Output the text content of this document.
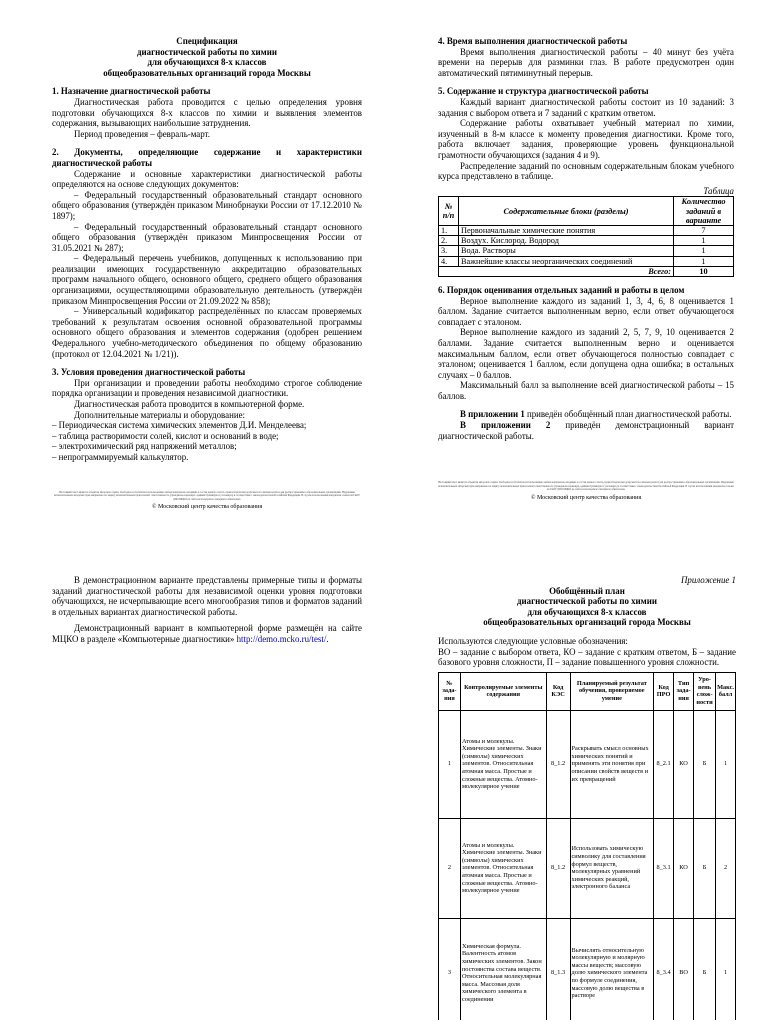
Спецификация
диагностической работы по химии
для обучающихся 8-х классов
общеобразовательных организаций города Москвы
1. Назначение диагностической работы

Диагностическая работа проводится с целью определения уровня подготовки обучающихся 8-х классов по химии и выявления элементов содержания, вызывающих наибольшие затруднения.

Период проведения – февраль-март.

2. Документы, определяющие содержание и характеристики диагностической работы

Содержание и основные характеристики диагностической работы определяются на основе следующих документов:

– Федеральный государственный образовательный стандарт основного общего образования (утверждён приказом Минобрнауки России от 17.12.2010 № 1897);

– Федеральный государственный образовательный стандарт основного общего образования (утверждён приказом Минпросвещения России от 31.05.2021 № 287);

– Федеральный перечень учебников, допущенных к использованию при реализации имеющих государственную аккредитацию образовательных программ начального общего, основного общего, среднего общего образования организациями, осуществляющими образовательную деятельность (утверждён приказом Минпросвещения России от 21.09.2022 № 858);

– Универсальный кодификатор распределённых по классам проверяемых требований к результатам освоения основной образовательной программы основного общего образования и элементов содержания (одобрен решением Федерального учебно-методического объединения по общему образованию (протокол от 12.04.2021 № 1/21)).

3. Условия проведения диагностической работы

При организации и проведении работы необходимо строгое соблюдение порядка организации и проведения независимой диагностики.

Диагностическая работа проводится в компьютерной форме.

Дополнительные материалы и оборудование:

– Периодическая система химических элементов Д.И. Менделеева;

– таблица растворимости солей, кислот и оснований в воде;

– электрохимический ряд напряжений металлов;

– непрограммируемый калькулятор.

Настоящий текст является объектом авторского права. Свободное и бесплатное использование любых материалов, входящих в состав данного текста, правообладателем допускается в личных целях и для распространения в образовательных организациях. Нарушение исключительных авторских прав направлено на защиту исключительных прав и влечёт ответственность (гражданско-правовую, административную и уголовную) в соответствии с законодательством Российской Федерации. В случае использования материалов ссылка на ГАОУ ДПО МЦКО на сайт и используемого материала обязательна.

© Московский центр качества образования

4. Время выполнения диагностической работы

Время выполнения диагностической работы – 40 минут без учёта времени на перерыв для разминки глаз. В работе предусмотрен один автоматический пятиминутный перерыв.

5. Содержание и структура диагностической работы

Каждый вариант диагностической работы состоит из 10 заданий: 3 задания с выбором ответа и 7 заданий с кратким ответом.

Содержание работы охватывает учебный материал по химии, изученный в 8-м классе к моменту проведения диагностики. Кроме того, работа включает задания, проверяющие уровень функциональной грамотности обучающихся (задания 4 и 9).

Распределение заданий по основным содержательным блокам учебного курса представлено в таблице.

Таблица

№ п/п	Содержательные блоки (разделы)	Количество заданий в варианте
1.	Первоначальные химические понятия	7
2.	Воздух. Кислород. Водород	1
3.	Вода. Растворы	1
4.	Важнейшие классы неорганических соединений	1
Всего:		10
6. Порядок оценивания отдельных заданий и работы в целом

Верное выполнение каждого из заданий 1, 3, 4, 6, 8 оценивается 1 баллом. Задание считается выполненным верно, если ответ обучающегося совпадает с эталоном.

Верное выполнение каждого из заданий 2, 5, 7, 9, 10 оценивается 2 баллами. Задание считается выполненным верно и оценивается максимальным баллом, если ответ обучающегося полностью совпадает с эталоном; оценивается 1 баллом, если допущена одна ошибка; в остальных случаях – 0 баллов.

Максимальный балл за выполнение всей диагностической работы – 15 баллов.

В приложении 1 приведён обобщённый план диагностической работы.

В приложении 2 приведён демонстрационный вариант диагностической работы.

Настоящий текст является объектом авторского права. Свободное и бесплатное использование любых материалов, входящих в состав данного текста, правообладателем допускается в личных целях и для распространения в образовательных организациях. Нарушение исключительных авторских прав направлено на защиту исключительных прав и влечёт ответственность (гражданско-правовую, административную и уголовную) в соответствии с законодательством Российской Федерации. В случае использования материалов ссылка на ГАОУ ДПО МЦКО на сайт и используемого материала обязательна.

© Московский центр качества образования

В демонстрационном варианте представлены примерные типы и форматы заданий диагностической работы для независимой оценки уровня подготовки обучающихся, не исчерпывающие всего многообразия типов и форматов заданий в отдельных вариантах диагностической работы.

Демонстрационный вариант в компьютерной форме размещён на сайте МЦКО в разделе «Компьютерные диагностики» http://demo.mcko.ru/test/.

Приложение 1

Обобщённый план
диагностической работы по химии
для обучающихся 8-х классов
общеобразовательных организаций города Москвы

Используются следующие условные обозначения:

ВО – задание с выбором ответа, КО – задание с кратким ответом, Б – задание базового уровня сложности, П – задание повышенного уровня сложности.

№ зада-ния	Контролируемые элементы содержания	Код КЭС	Планируемый результат обучения, проверяемое умение	Код ПРО	Тип зада-ния	Уро-вень слож-ности	Макс. балл
1	Атомы и молекулы. Химические элементы. Знаки (символы) химических элементов. Относительная атомная масса. Простые и сложные вещества. Атомно-молекулярное учение	8_1.2	Раскрывать смысл основных химических понятий и применять эти понятия при описании свойств веществ и их превращений	8_2.1	КО	Б	1
2	Атомы и молекулы. Химические элементы. Знаки (символы) химических элементов. Относительная атомная масса. Простые и сложные вещества. Атомно-молекулярное учение	8_1.2	Использовать химическую символику для составления формул веществ, молекулярных уравнений химических реакций, электронного баланса	8_3.1	КО	Б	2
3	Химическая формула. Валентность атомов химических элементов. Закон постоянства состава веществ. Относительная молекулярная масса. Массовая доля химического элемента в соединении	8_1.3	Вычислять относительную молекулярную и молярную массы веществ; массовую долю химического элемента по формуле соединения, массовую долю вещества в растворе	8_3.4	ВО	Б	1
